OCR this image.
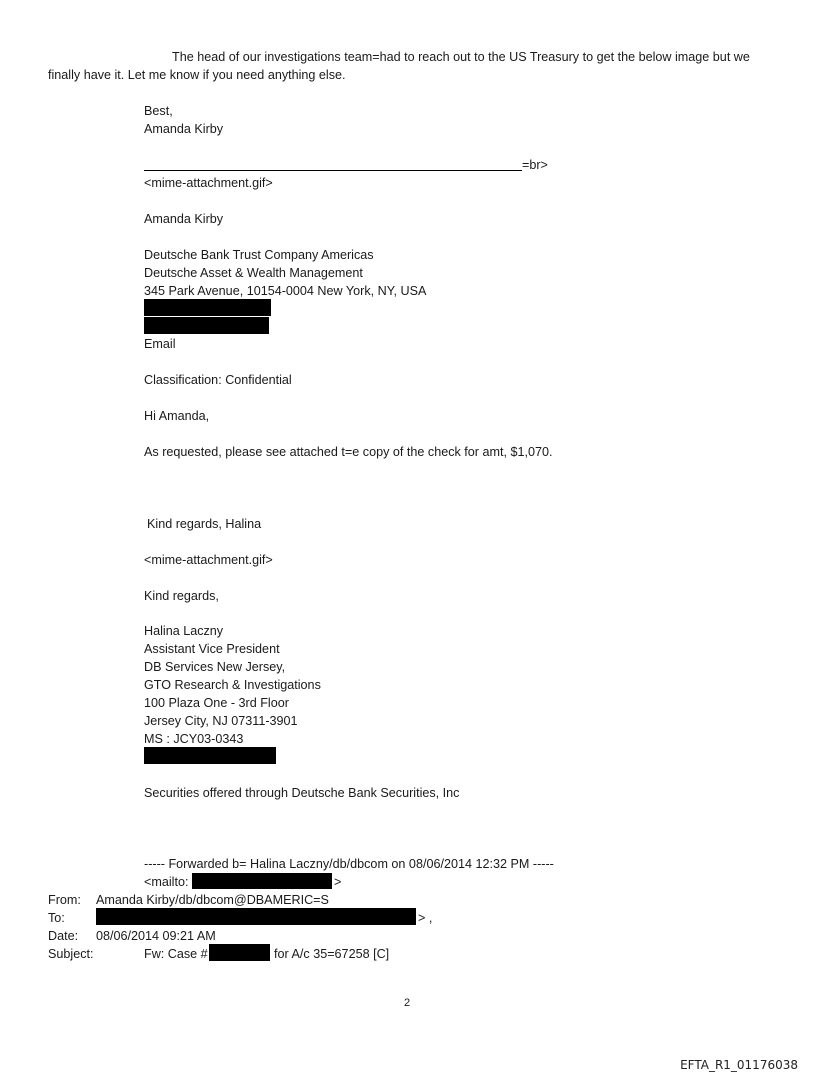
The head of our investigations team=had to reach out to the US Treasury to get the below image but we
finally have it. Let me know if you need anything else.
Best,
Amanda Kirby
=br>
<mime-attachment.gif>
Amanda Kirby
Deutsche Bank Trust Company Americas
Deutsche Asset & Wealth Management
345 Park Avenue, 10154-0004 New York, NY, USA
Email
Classification: Confidential
Hi Amanda,
As requested, please see attached t=e copy of the check for amt, $1,070.
Kind regards, Halina
<mime-attachment.gif>
Kind regards,
Halina Laczny
Assistant Vice President
DB Services New Jersey,
GTO Research & Investigations
100 Plaza One - 3rd Floor
Jersey City, NJ 07311-3901
MS : JCY03-0343
Securities offered through Deutsche Bank Securities, Inc
----- Forwarded b= Halina Laczny/db/dbcom on 08/06/2014 12:32 PM -----
<mailto:	>
From: Amanda Kirby/db/dbcom@DBAMERIC=S
To:	> ,
Date: 08/06/2014 09:21 AM
Subject:	Fw: Case #	for A/c 35=67258 [C]
2
EFTA_R1_01176038
